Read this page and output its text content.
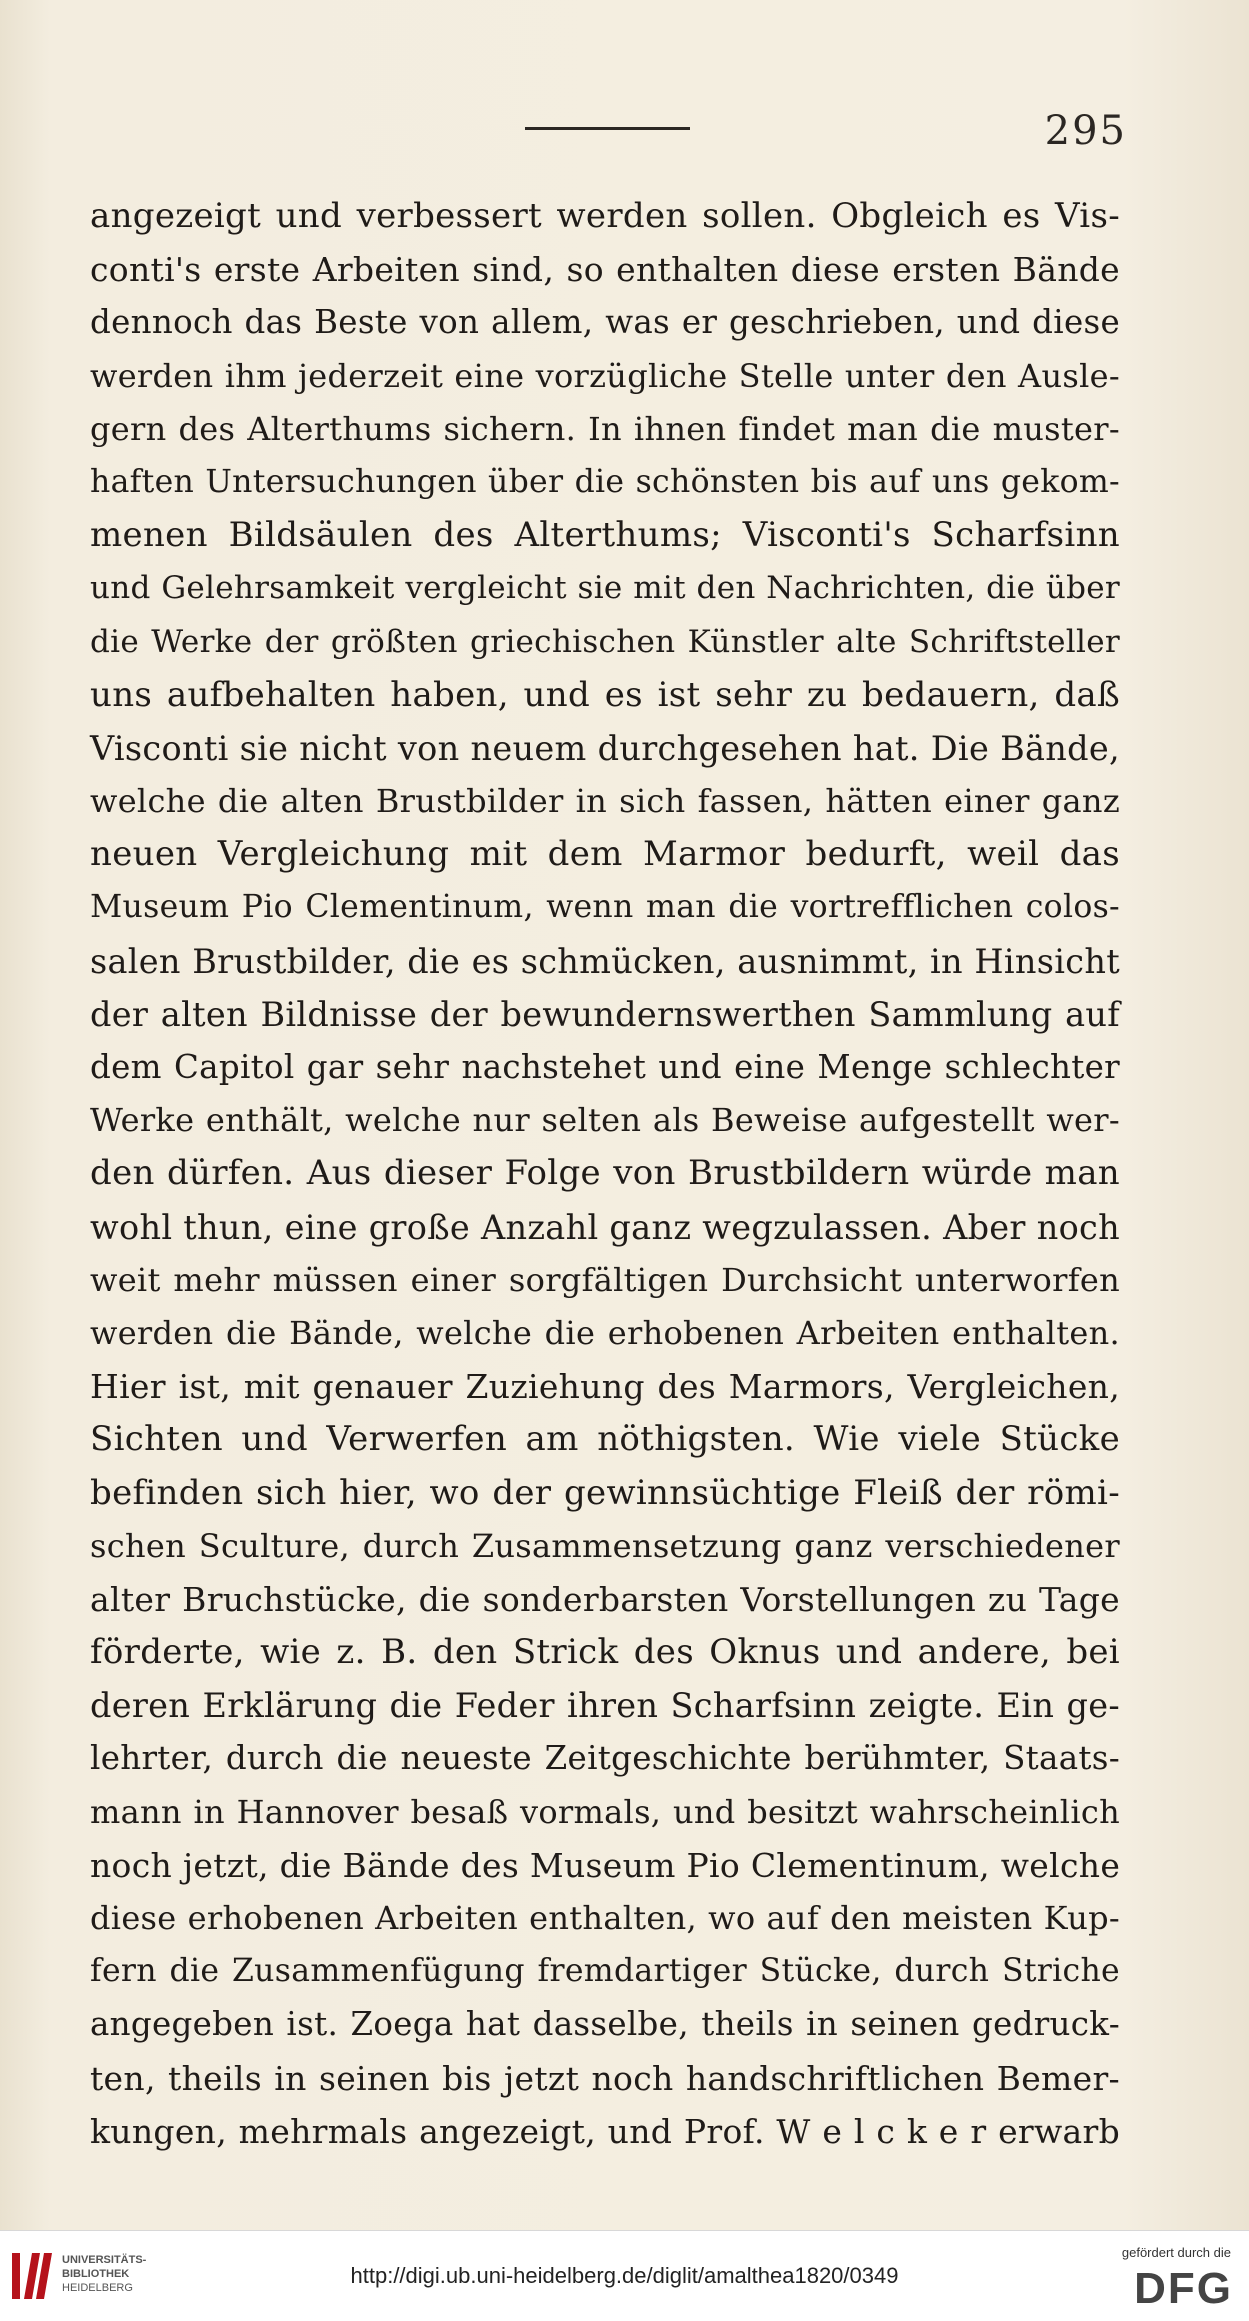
295
angezeigt und verbessert werden sollen. Obgleich es Vis-
conti's erste Arbeiten sind, so enthalten diese ersten Bände
dennoch das Beste von allem, was er geschrieben, und diese
werden ihm jederzeit eine vorzügliche Stelle unter den Ausle-
gern des Alterthums sichern. In ihnen findet man die muster-
haften Untersuchungen über die schönsten bis auf uns gekom-
menen Bildsäulen des Alterthums; Visconti's Scharfsinn
und Gelehrsamkeit vergleicht sie mit den Nachrichten, die über
die Werke der größten griechischen Künstler alte Schriftsteller
uns aufbehalten haben, und es ist sehr zu bedauern, daß
Visconti sie nicht von neuem durchgesehen hat. Die Bände,
welche die alten Brustbilder in sich fassen, hätten einer ganz
neuen Vergleichung mit dem Marmor bedurft, weil das
Museum Pio Clementinum, wenn man die vortrefflichen colos-
salen Brustbilder, die es schmücken, ausnimmt, in Hinsicht
der alten Bildnisse der bewundernswerthen Sammlung auf
dem Capitol gar sehr nachstehet und eine Menge schlechter
Werke enthält, welche nur selten als Beweise aufgestellt wer-
den dürfen. Aus dieser Folge von Brustbildern würde man
wohl thun, eine große Anzahl ganz wegzulassen. Aber noch
weit mehr müssen einer sorgfältigen Durchsicht unterworfen
werden die Bände, welche die erhobenen Arbeiten enthalten.
Hier ist, mit genauer Zuziehung des Marmors, Vergleichen,
Sichten und Verwerfen am nöthigsten. Wie viele Stücke
befinden sich hier, wo der gewinnsüchtige Fleiß der römi-
schen Sculture, durch Zusammensetzung ganz verschiedener
alter Bruchstücke, die sonderbarsten Vorstellungen zu Tage
förderte, wie z. B. den Strick des Oknus und andere, bei
deren Erklärung die Feder ihren Scharfsinn zeigte. Ein ge-
lehrter, durch die neueste Zeitgeschichte berühmter, Staats-
mann in Hannover besaß vormals, und besitzt wahrscheinlich
noch jetzt, die Bände des Museum Pio Clementinum, welche
diese erhobenen Arbeiten enthalten, wo auf den meisten Kup-
fern die Zusammenfügung fremdartiger Stücke, durch Striche
angegeben ist. Zoega hat dasselbe, theils in seinen gedruck-
ten, theils in seinen bis jetzt noch handschriftlichen Bemer-
kungen, mehrmals angezeigt, und Prof. W e l c k e r erwarb
UNIVERSITÄTS-
BIBLIOTHEK
HEIDELBERG	http://digi.ub.uni-heidelberg.de/diglit/amalthea1820/0349
gefördert durch die
DFG
